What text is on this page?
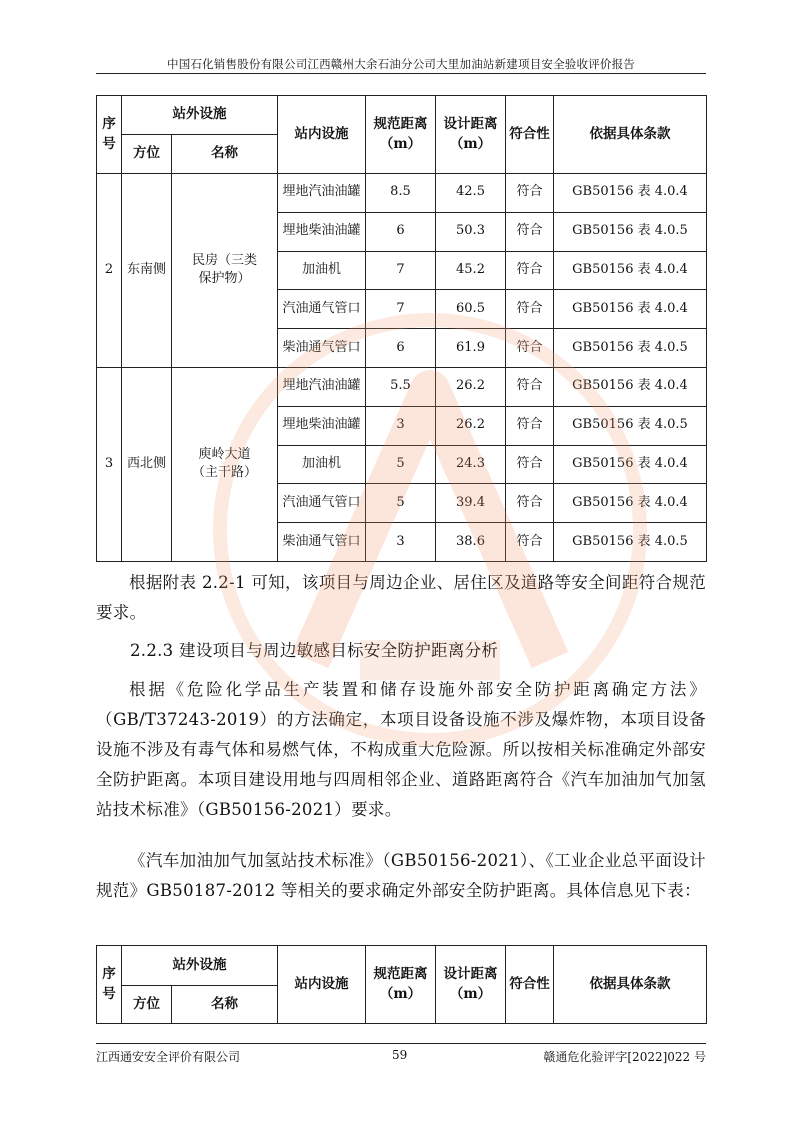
中国石化销售股份有限公司江西赣州大余石油分公司大里加油站新建项目安全验收评价报告
序号	站外设施		站内设施	规范距离（m）	设计距离（m）	符合性	依据具体条款
	方位	名称					
2	东南侧	民房（三类保护物）	埋地汽油油罐	8.5	42.5	符合	GB50156 表 4.0.4
			埋地柴油油罐	6	50.3	符合	GB50156 表 4.0.5
			加油机	7	45.2	符合	GB50156 表 4.0.4
			汽油通气管口	7	60.5	符合	GB50156 表 4.0.4
			柴油通气管口	6	61.9	符合	GB50156 表 4.0.5
3	西北侧	庾岭大道（主干路）	埋地汽油油罐	5.5	26.2	符合	GB50156 表 4.0.4
			埋地柴油油罐	3	26.2	符合	GB50156 表 4.0.5
			加油机	5	24.3	符合	GB50156 表 4.0.4
			汽油通气管口	5	39.4	符合	GB50156 表 4.0.4
			柴油通气管口	3	38.6	符合	GB50156 表 4.0.5
根据附表 2.2-1 可知，该项目与周边企业、居住区及道路等安全间距符合规范要求。
2.2.3 建设项目与周边敏感目标安全防护距离分析
根据《危险化学品生产装置和储存设施外部安全防护距离确定方法》（GB/T37243-2019）的方法确定，本项目设备设施不涉及爆炸物，本项目设备设施不涉及有毒气体和易燃气体，不构成重大危险源。所以按相关标准确定外部安全防护距离。本项目建设用地与四周相邻企业、道路距离符合《汽车加油加气加氢站技术标准》（GB50156-2021）要求。
《汽车加油加气加氢站技术标准》（GB50156-2021）、《工业企业总平面设计规范》GB50187-2012 等相关的要求确定外部安全防护距离。具体信息见下表：
序号	站外设施		站内设施	规范距离（m）	设计距离（m）	符合性	依据具体条款
	方位	名称					
江西通安安全评价有限公司	59	赣通危化验评字[2022]022 号
